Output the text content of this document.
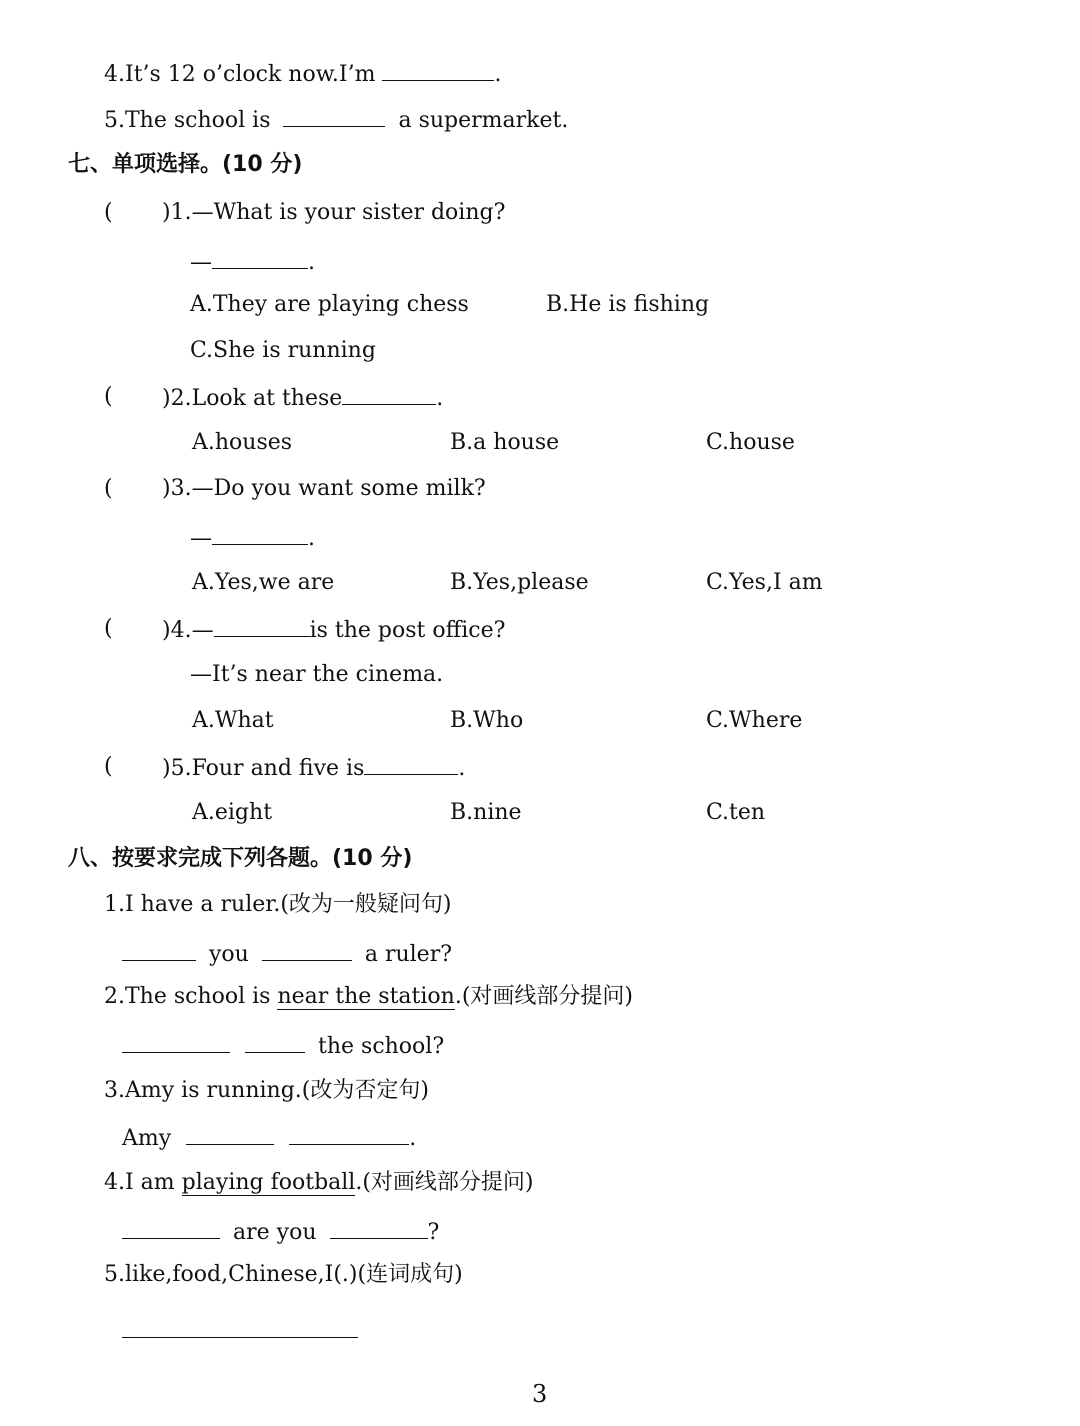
4.It’s 12 o’clock now.I’m	.
5.The school is	a supermarket.
七、单项选择。(10 分)
( )1.—What is your sister doing?
—	.
A.They are playing chess	B.He is fishing
C.She is running
( )2.Look at these	.
A.houses	B.a house	C.house
( )3.—Do you want some milk?
—	.
A.Yes,we are	B.Yes,please	C.Yes,I am
( )4.—	is the post office?
—It’s near the cinema.
A.What	B.Who	C.Where
( )5.Four and five is	.
A.eight	B.nine	C.ten
八、按要求完成下列各题。(10 分)
1.I have a ruler.(改为一般疑问句)
you	a ruler?
2.The school is near the station.(对画线部分提问)
the school?
3.Amy is running.(改为否定句)
Amy	.
4.I am playing football.(对画线部分提问)
are you	?
5.like,food,Chinese,I(.)(连词成句)
3
